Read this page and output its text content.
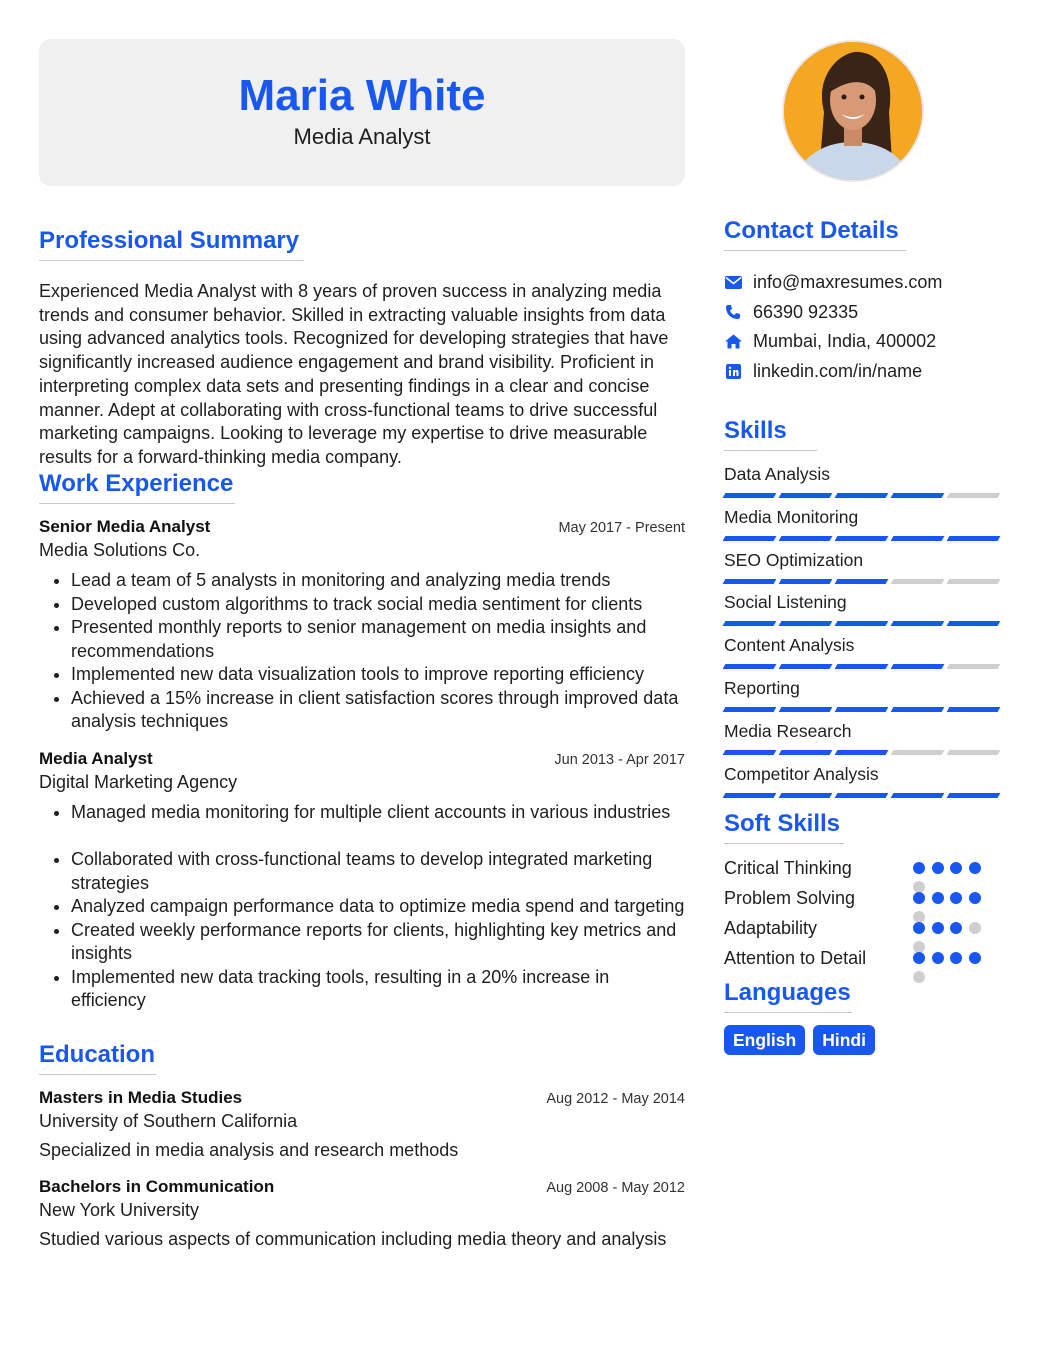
Maria White
Media Analyst
Professional Summary
Experienced Media Analyst with 8 years of proven success in analyzing media trends and consumer behavior. Skilled in extracting valuable insights from data using advanced analytics tools. Recognized for developing strategies that have significantly increased audience engagement and brand visibility. Proficient in interpreting complex data sets and presenting findings in a clear and concise manner. Adept at collaborating with cross-functional teams to drive successful marketing campaigns. Looking to leverage my expertise to drive measurable results for a forward-thinking media company.
Work Experience
Senior Media Analyst	May 2017 - Present
Media Solutions Co.
• Lead a team of 5 analysts in monitoring and analyzing media trends
• Developed custom algorithms to track social media sentiment for clients
• Presented monthly reports to senior management on media insights and recommendations
• Implemented new data visualization tools to improve reporting efficiency
• Achieved a 15% increase in client satisfaction scores through improved data analysis techniques
Media Analyst	Jun 2013 - Apr 2017
Digital Marketing Agency
• Managed media monitoring for multiple client accounts in various industries
• Collaborated with cross-functional teams to develop integrated marketing strategies
• Analyzed campaign performance data to optimize media spend and targeting
• Created weekly performance reports for clients, highlighting key metrics and insights
• Implemented new data tracking tools, resulting in a 20% increase in efficiency
Education
Masters in Media Studies	Aug 2012 - May 2014
University of Southern California
Specialized in media analysis and research methods
Bachelors in Communication	Aug 2008 - May 2012
New York University
Studied various aspects of communication including media theory and analysis
Contact Details
info@maxresumes.com
66390 92335
Mumbai, India, 400002
linkedin.com/in/name
Skills
Data Analysis
Media Monitoring
SEO Optimization
Social Listening
Content Analysis
Reporting
Media Research
Competitor Analysis
Soft Skills
Critical Thinking
Problem Solving
Adaptability
Attention to Detail
Languages
English	Hindi
